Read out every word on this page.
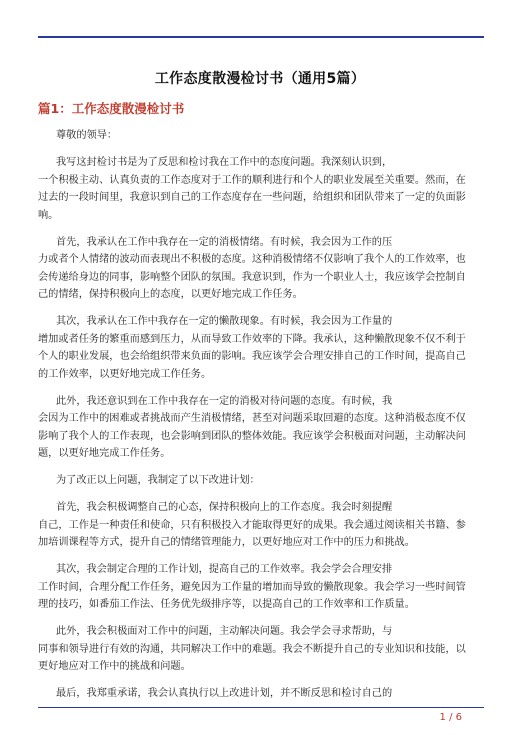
工作态度散漫检讨书（通用5篇）
篇1：工作态度散漫检讨书
1 / 6
尊敬的领导：
我写这封检讨书是为了反思和检讨我在工作中的态度问题。我深刻认识到，
一个积极主动、认真负责的工作态度对于工作的顺利进行和个人的职业发展至关重要。然而，在
过去的一段时间里，我意识到自己的工作态度存在一些问题，给组织和团队带来了一定的负面影
响。
首先，我承认在工作中我存在一定的消极情绪。有时候，我会因为工作的压
力或者个人情绪的波动而表现出不积极的态度。这种消极情绪不仅影响了我个人的工作效率，也
会传递给身边的同事，影响整个团队的氛围。我意识到，作为一个职业人士，我应该学会控制自
己的情绪，保持积极向上的态度，以更好地完成工作任务。
其次，我承认在工作中我存在一定的懒散现象。有时候，我会因为工作量的
增加或者任务的繁重而感到压力，从而导致工作效率的下降。我承认，这种懒散现象不仅不利于
个人的职业发展，也会给组织带来负面的影响。我应该学会合理安排自己的工作时间，提高自己
的工作效率，以更好地完成工作任务。
此外，我还意识到在工作中我存在一定的消极对待问题的态度。有时候，我
会因为工作中的困难或者挑战而产生消极情绪，甚至对问题采取回避的态度。这种消极态度不仅
影响了我个人的工作表现，也会影响到团队的整体效能。我应该学会积极面对问题，主动解决问
题，以更好地完成工作任务。
为了改正以上问题，我制定了以下改进计划：
首先，我会积极调整自己的心态，保持积极向上的工作态度。我会时刻提醒
自己，工作是一种责任和使命，只有积极投入才能取得更好的成果。我会通过阅读相关书籍、参
加培训课程等方式，提升自己的情绪管理能力，以更好地应对工作中的压力和挑战。
其次，我会制定合理的工作计划，提高自己的工作效率。我会学会合理安排
工作时间，合理分配工作任务，避免因为工作量的增加而导致的懒散现象。我会学习一些时间管
理的技巧，如番茄工作法、任务优先级排序等，以提高自己的工作效率和工作质量。
此外，我会积极面对工作中的问题，主动解决问题。我会学会寻求帮助，与
同事和领导进行有效的沟通，共同解决工作中的难题。我会不断提升自己的专业知识和技能，以
更好地应对工作中的挑战和问题。
最后，我郑重承诺，我会认真执行以上改进计划，并不断反思和检讨自己的
